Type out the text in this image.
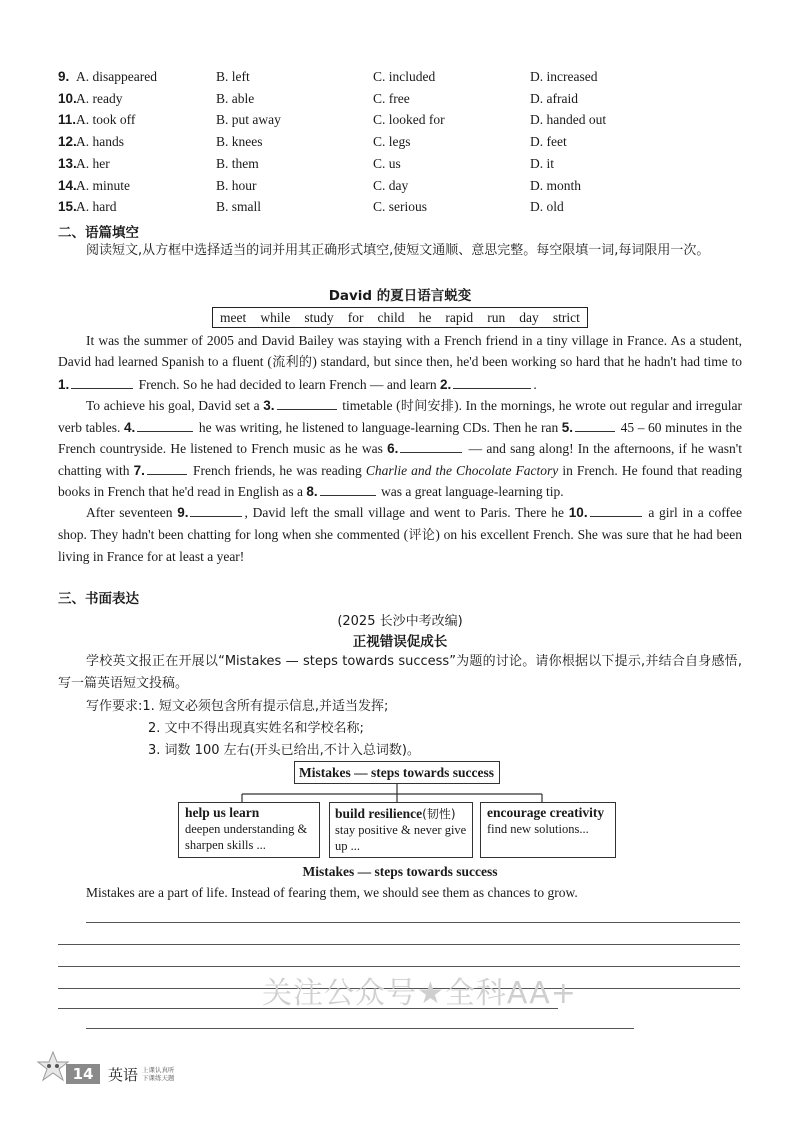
9. A. disappeared	B. left	C. included	D. increased
10. A. ready	B. able	C. free	D. afraid
11. A. took off	B. put away	C. looked for	D. handed out
12. A. hands	B. knees	C. legs	D. feet
13. A. her	B. them	C. us	D. it
14. A. minute	B. hour	C. day	D. month
15. A. hard	B. small	C. serious	D. old
二、语篇填空

阅读短文,从方框中选择适当的词并用其正确形式填空,使短文通顺、意思完整。每空限填一词,每词限用一次。

David 的夏日语言蜕变
meet while study for child he rapid run day strict

It was the summer of 2005 and David Bailey was staying with a French friend in a tiny village in France. As a student, David had learned Spanish to a fluent (流利的) standard, but since then, he'd been working so hard that he hadn't had time to 1.	French. So he had decided to learn French — and learn 2.	.

To achieve his goal, David set a 3.	timetable (时间安排). In the mornings, he wrote out regular and irregular verb tables. 4.	he was writing, he listened to language-learning CDs. Then he ran 5.	45 – 60 minutes in the French countryside. He listened to French music as he was 6.	— and sang along! In the afternoons, if he wasn't chatting with 7.	French friends, he was reading Charlie and the Chocolate Factory in French. He found that reading books in French that he'd read in English as a 8.	was a great language-learning tip.

After seventeen 9.	, David left the small village and went to Paris. There he 10.	a girl in a coffee shop. They hadn't been chatting for long when she commented (评论) on his excellent French. She was sure that he had been living in France for at least a year!

三、书面表达
(2025 长沙中考改编)
正视错误促成长

学校英文报正在开展以“Mistakes — steps towards success”为题的讨论。请你根据以下提示,并结合自身感悟,写一篇英语短文投稿。

写作要求:1. 短文必须包含所有提示信息,并适当发挥;
2. 文中不得出现真实姓名和学校名称;
3. 词数 100 左右(开头已给出,不计入总词数)。
Mistakes — steps towards success
help us learn
deepen understanding & sharpen skills ...
build resilience(韧性)
stay positive & never give up ...
encourage creativity
find new solutions...
Mistakes — steps towards success
Mistakes are a part of life. Instead of fearing them, we should see them as chances to grow.
关注公众号★全科AA+
14 英语 上课认真听
下课练天题
